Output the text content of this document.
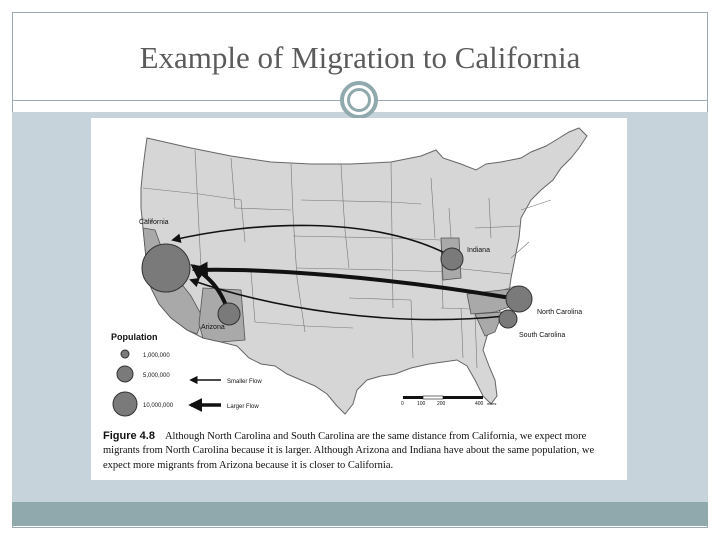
Example of Migration to California
California
Arizona
Indiana
North Carolina
South Carolina
Population
1,000,000
5,000,000
10,000,000
Smaller Flow
Larger Flow	0	100 200	400 miles
Figure 4.8 Although North Carolina and South Carolina are the same distance from California, we expect more migrants from North Carolina because it is larger. Although Arizona and Indiana have about the same population, we expect more migrants from Arizona because it is closer to California.
